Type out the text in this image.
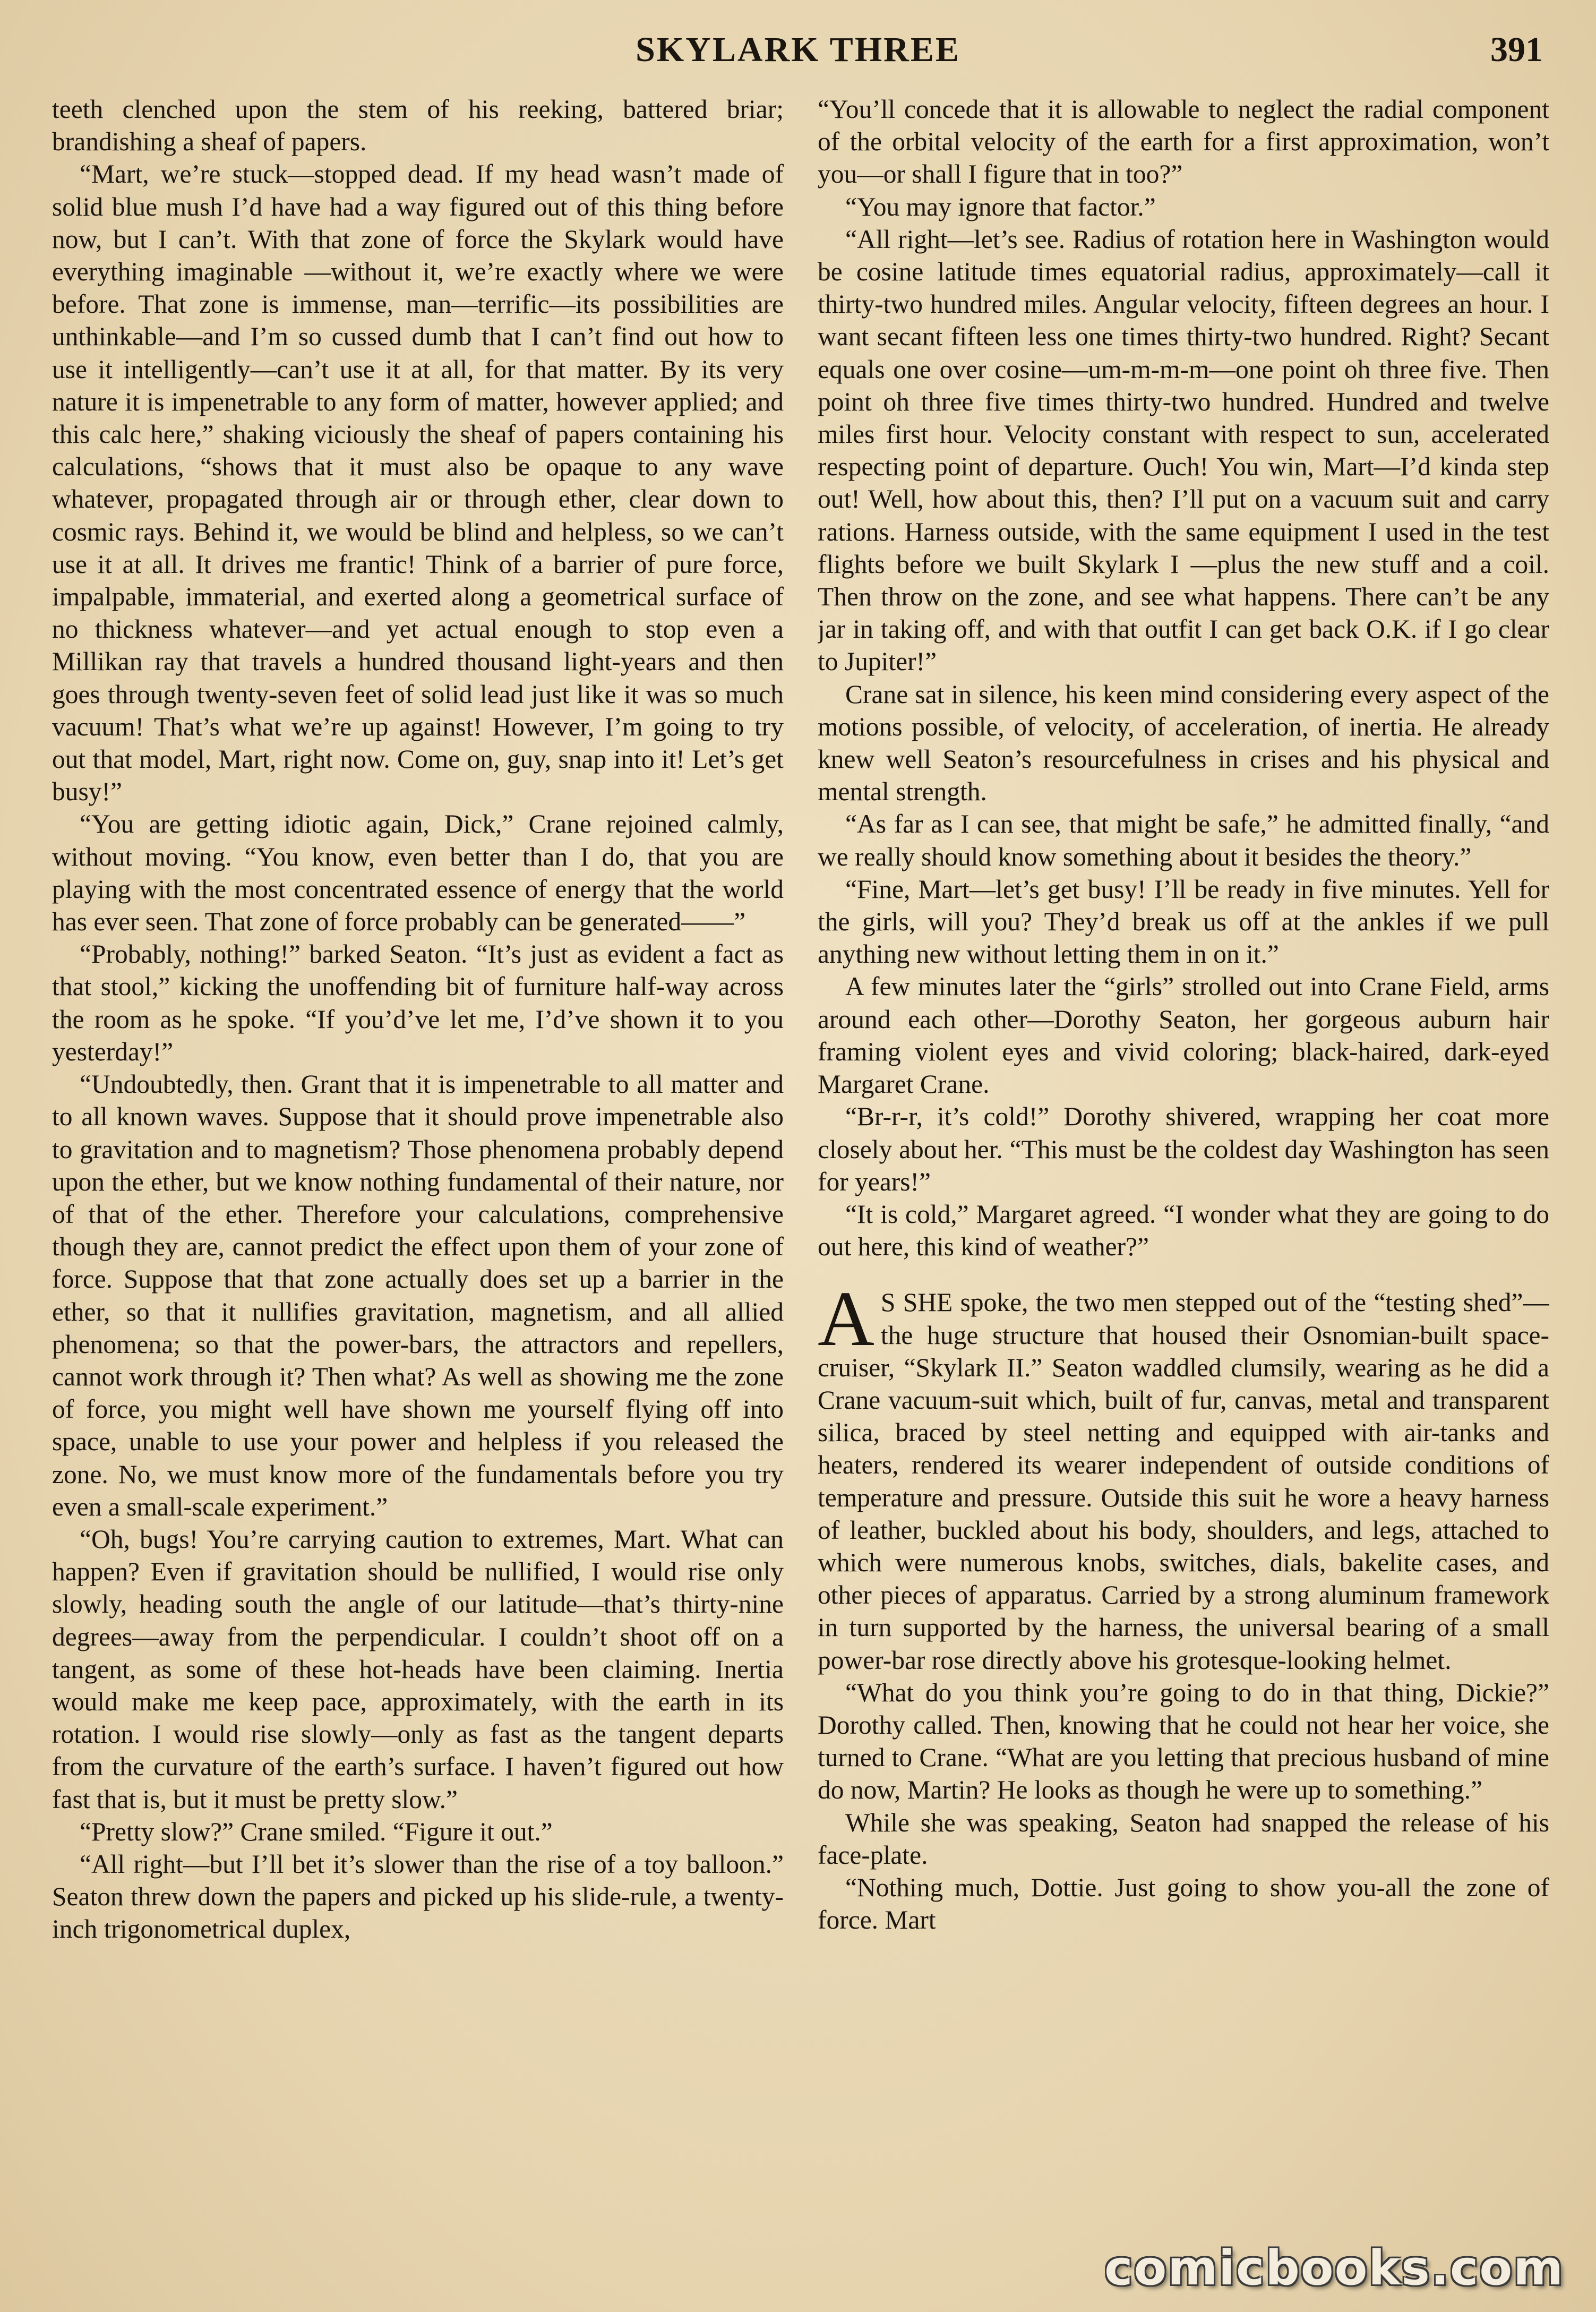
SKYLARK THREE	391

teeth clenched upon the stem of his reeking, battered briar; brandishing a sheaf of papers.

“Mart, we’re stuck—stopped dead. If my head wasn’t made of solid blue mush I’d have had a way figured out of this thing before now, but I can’t. With that zone of force the Skylark would have everything imaginable —without it, we’re exactly where we were before. That zone is immense, man—terrific—its possibilities are unthinkable—and I’m so cussed dumb that I can’t find out how to use it intelligently—can’t use it at all, for that matter. By its very nature it is impenetrable to any form of matter, however applied; and this calc here,” shaking viciously the sheaf of papers containing his calculations, “shows that it must also be opaque to any wave whatever, propagated through air or through ether, clear down to cosmic rays. Behind it, we would be blind and helpless, so we can’t use it at all. It drives me frantic! Think of a barrier of pure force, impalpable, immaterial, and exerted along a geometrical surface of no thickness whatever—and yet actual enough to stop even a Millikan ray that travels a hundred thousand light-years and then goes through twenty-seven feet of solid lead just like it was so much vacuum! That’s what we’re up against! However, I’m going to try out that model, Mart, right now. Come on, guy, snap into it! Let’s get busy!”

“You are getting idiotic again, Dick,” Crane rejoined calmly, without moving. “You know, even better than I do, that you are playing with the most concentrated essence of energy that the world has ever seen. That zone of force probably can be generated——”

“Probably, nothing!” barked Seaton. “It’s just as evident a fact as that stool,” kicking the unoffending bit of furniture half-way across the room as he spoke. “If you’d’ve let me, I’d’ve shown it to you yesterday!”

“Undoubtedly, then. Grant that it is impenetrable to all matter and to all known waves. Suppose that it should prove impenetrable also to gravitation and to magnetism? Those phenomena probably depend upon the ether, but we know nothing fundamental of their nature, nor of that of the ether. Therefore your calculations, comprehensive though they are, cannot predict the effect upon them of your zone of force. Suppose that that zone actually does set up a barrier in the ether, so that it nullifies gravitation, magnetism, and all allied phenomena; so that the power-bars, the attractors and repellers, cannot work through it? Then what? As well as showing me the zone of force, you might well have shown me yourself flying off into space, unable to use your power and helpless if you released the zone. No, we must know more of the fundamentals before you try even a small-scale experiment.”

“Oh, bugs! You’re carrying caution to extremes, Mart. What can happen? Even if gravitation should be nullified, I would rise only slowly, heading south the angle of our latitude—that’s thirty-nine degrees—away from the perpendicular. I couldn’t shoot off on a tangent, as some of these hot-heads have been claiming. Inertia would make me keep pace, approximately, with the earth in its rotation. I would rise slowly—only as fast as the tangent departs from the curvature of the earth’s surface. I haven’t figured out how fast that is, but it must be pretty slow.”

“Pretty slow?” Crane smiled. “Figure it out.”

“All right—but I’ll bet it’s slower than the rise of a toy balloon.” Seaton threw down the papers and picked up his slide-rule, a twenty-inch trigonometrical duplex,

“You’ll concede that it is allowable to neglect the radial component of the orbital velocity of the earth for a first approximation, won’t you—or shall I figure that in too?”

“You may ignore that factor.”

“All right—let’s see. Radius of rotation here in Washington would be cosine latitude times equatorial radius, approximately—call it thirty-two hundred miles. Angular velocity, fifteen degrees an hour. I want secant fifteen less one times thirty-two hundred. Right? Secant equals one over cosine—um-m-m-m—one point oh three five. Then point oh three five times thirty-two hundred. Hundred and twelve miles first hour. Velocity constant with respect to sun, accelerated respecting point of departure. Ouch! You win, Mart—I’d kinda step out! Well, how about this, then? I’ll put on a vacuum suit and carry rations. Harness outside, with the same equipment I used in the test flights before we built Skylark I —plus the new stuff and a coil. Then throw on the zone, and see what happens. There can’t be any jar in taking off, and with that outfit I can get back O.K. if I go clear to Jupiter!”

Crane sat in silence, his keen mind considering every aspect of the motions possible, of velocity, of acceleration, of inertia. He already knew well Seaton’s resourcefulness in crises and his physical and mental strength.

“As far as I can see, that might be safe,” he admitted finally, “and we really should know something about it besides the theory.”

“Fine, Mart—let’s get busy! I’ll be ready in five minutes. Yell for the girls, will you? They’d break us off at the ankles if we pull anything new without letting them in on it.”

A few minutes later the “girls” strolled out into Crane Field, arms around each other—Dorothy Seaton, her gorgeous auburn hair framing violent eyes and vivid coloring; black-haired, dark-eyed Margaret Crane.

“Br-r-r, it’s cold!” Dorothy shivered, wrapping her coat more closely about her. “This must be the coldest day Washington has seen for years!”

“It is cold,” Margaret agreed. “I wonder what they are going to do out here, this kind of weather?”

A S SHE spoke, the two men stepped out of the “testing shed”—the huge structure that housed their Osnomian-built space-cruiser, “Skylark II.” Seaton waddled clumsily, wearing as he did a Crane vacuum-suit which, built of fur, canvas, metal and transparent silica, braced by steel netting and equipped with air-tanks and heaters, rendered its wearer independent of outside conditions of temperature and pressure. Outside this suit he wore a heavy harness of leather, buckled about his body, shoulders, and legs, attached to which were numerous knobs, switches, dials, bakelite cases, and other pieces of apparatus. Carried by a strong aluminum framework in turn supported by the harness, the universal bearing of a small power-bar rose directly above his grotesque-looking helmet.

“What do you think you’re going to do in that thing, Dickie?” Dorothy called. Then, knowing that he could not hear her voice, she turned to Crane. “What are you letting that precious husband of mine do now, Martin? He looks as though he were up to something.”

While she was speaking, Seaton had snapped the release of his face-plate.

“Nothing much, Dottie. Just going to show you-all the zone of force. Mart

comicbooks.com
